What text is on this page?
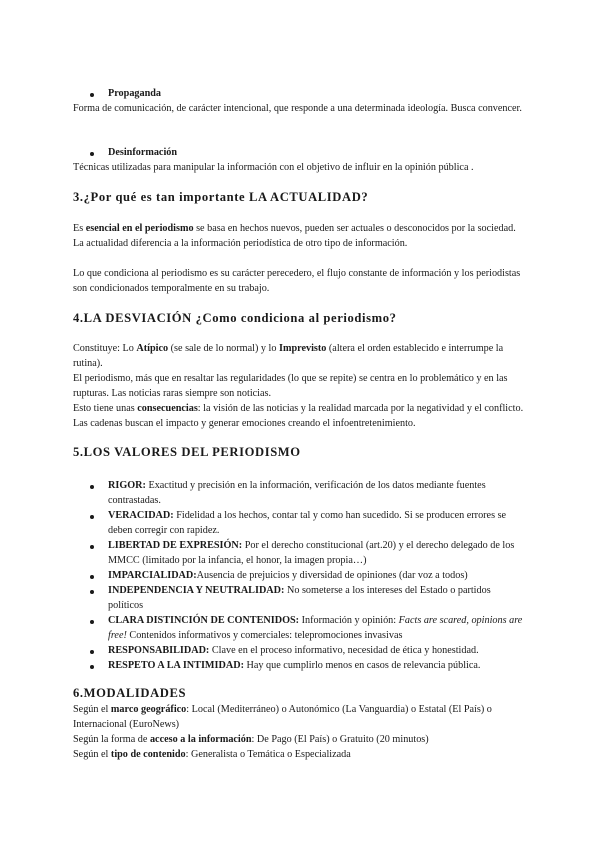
Propaganda
Forma de comunicación, de carácter intencional, que responde a una determinada ideología. Busca convencer.
Desinformación
Técnicas utilizadas para manipular la información con el objetivo de influir en la opinión pública .
3.¿Por qué es tan importante LA ACTUALIDAD?
Es esencial en el periodismo se basa en hechos nuevos, pueden ser actuales o desconocidos por la sociedad. La actualidad diferencia a la información periodística de otro tipo de información.
Lo que condiciona al periodismo es su carácter perecedero, el flujo constante de información y los periodistas son condicionados temporalmente en su trabajo.
4.LA DESVIACIÓN ¿Como condiciona al periodismo?
Constituye: Lo Atípico (se sale de lo normal) y lo Imprevisto (altera el orden establecido e interrumpe la rutina).
El periodismo, más que en resaltar las regularidades (lo que se repite) se centra en lo problemático y en las rupturas. Las noticias raras siempre son noticias.
Esto tiene unas consecuencias: la visión de las noticias y la realidad marcada por la negatividad y el conflicto. Las cadenas buscan el impacto y generar emociones creando el infoentretenimiento.
5.LOS VALORES DEL PERIODISMO
RIGOR: Exactitud y precisión en la información, verificación de los datos mediante fuentes contrastadas.
VERACIDAD: Fidelidad a los hechos, contar tal y como han sucedido. Si se producen errores se deben corregir con rapidez.
LIBERTAD DE EXPRESIÓN: Por el derecho constitucional (art.20) y el derecho delegado de los MMCC (limitado por la infancia, el honor, la imagen propia…)
IMPARCIALIDAD:Ausencia de prejuicios y diversidad de opiniones (dar voz a todos)
INDEPENDENCIA Y NEUTRALIDAD: No someterse a los intereses del Estado o partidos políticos
CLARA DISTINCIÓN DE CONTENIDOS: Información y opinión: Facts are scared, opinions are free! Contenidos informativos y comerciales: telepromociones invasivas
RESPONSABILIDAD: Clave en el proceso informativo, necesidad de ética y honestidad.
RESPETO A LA INTIMIDAD: Hay que cumplirlo menos en casos de relevancia pública.
6.MODALIDADES
Según el marco geográfico: Local (Mediterráneo) o Autonómico (La Vanguardia) o Estatal (El País) o Internacional (EuroNews)
Según la forma de acceso a la información: De Pago (El País) o Gratuito (20 minutos)
Según el tipo de contenido: Generalista o Temática o Especializada
